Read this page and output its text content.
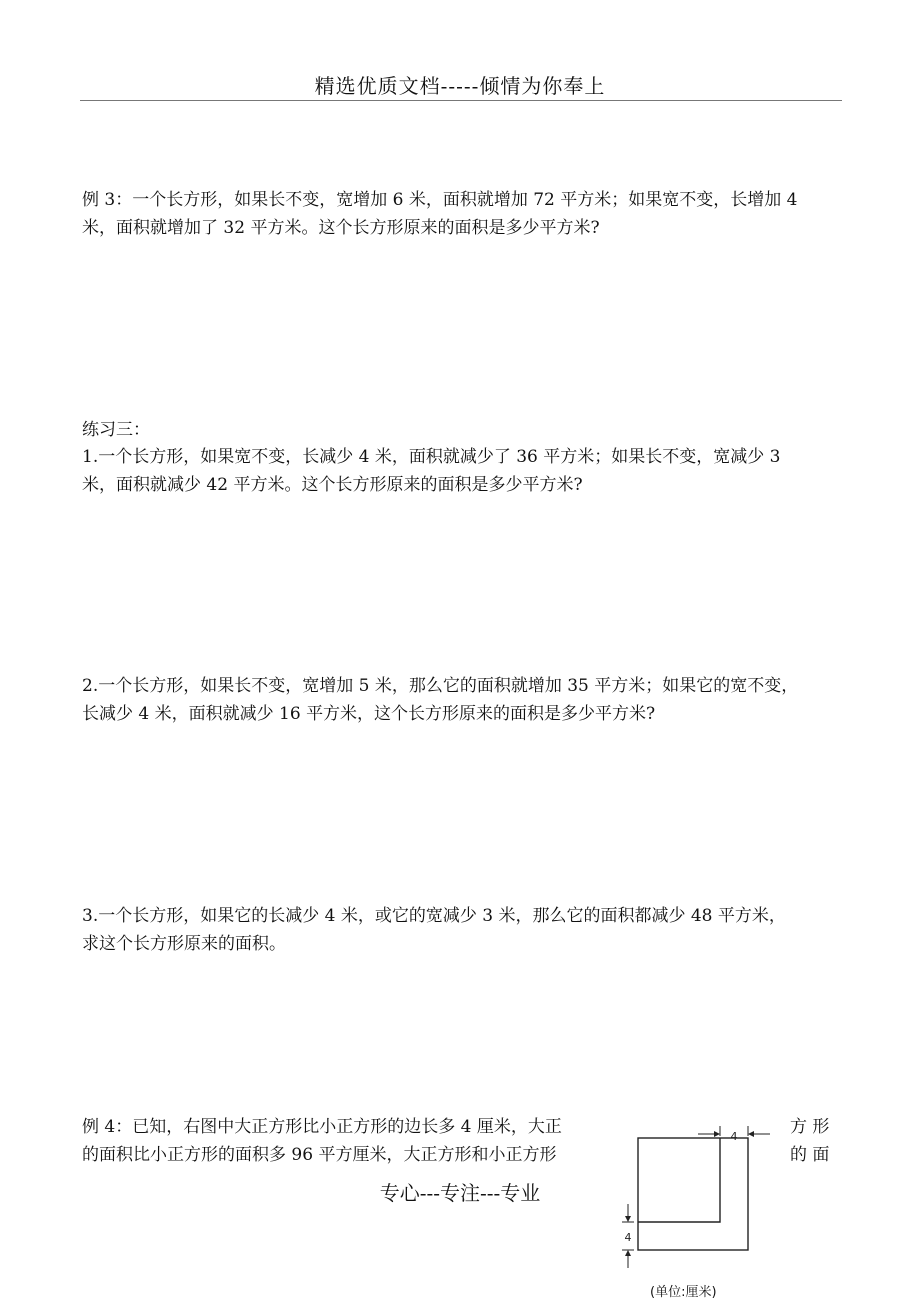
精选优质文档-----倾情为你奉上
例 3：一个长方形，如果长不变，宽增加 6 米，面积就增加 72 平方米；如果宽不变，长增加 4
米，面积就增加了 32 平方米。这个长方形原来的面积是多少平方米?
练习三：
1.一个长方形，如果宽不变，长减少 4 米，面积就减少了 36 平方米；如果长不变，宽减少 3
米，面积就减少 42 平方米。这个长方形原来的面积是多少平方米?
2.一个长方形，如果长不变，宽增加 5 米，那么它的面积就增加 35 平方米；如果它的宽不变，
长减少 4 米，面积就减少 16 平方米，这个长方形原来的面积是多少平方米?
3.一个长方形，如果它的长减少 4 米，或它的宽减少 3 米，那么它的面积都减少 48 平方米，
求这个长方形原来的面积。
例 4：已知，右图中大正方形比小正方形的边长多 4 厘米，大正
的面积比小正方形的面积多 96 平方厘米，大正方形和小正方形
方 形
的 面
4
4
(单位:厘米)
专心---专注---专业
